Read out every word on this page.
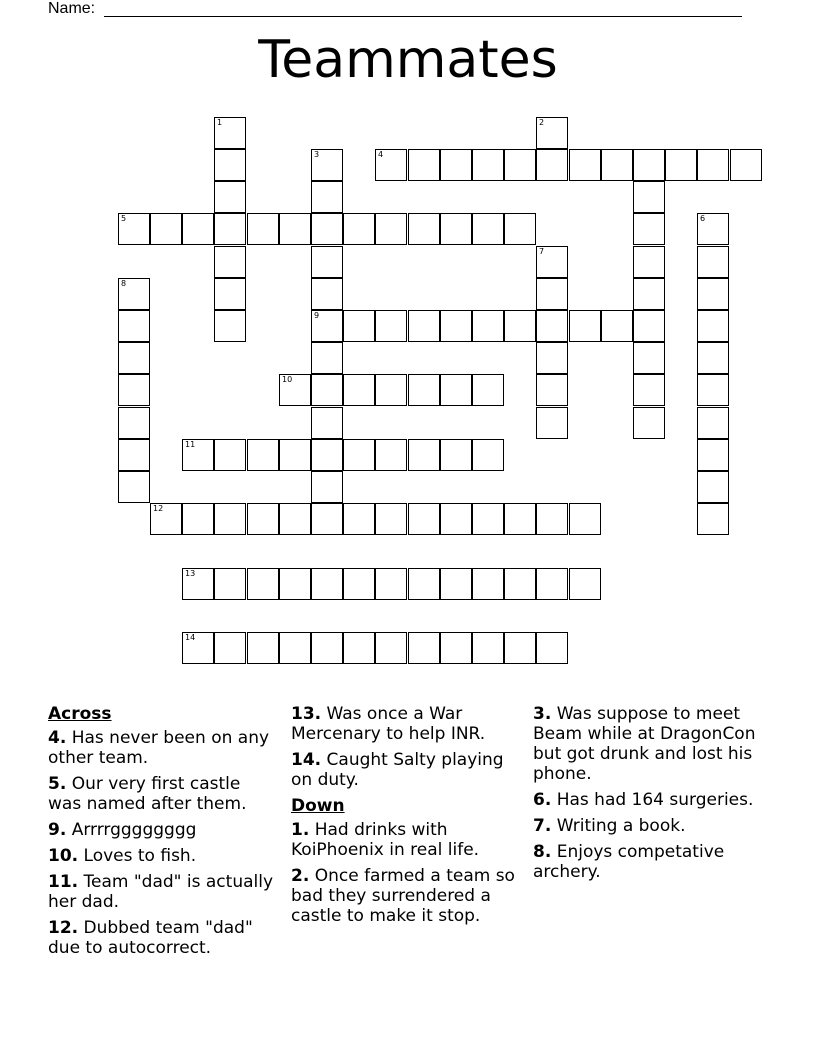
Name:
Teammates
1	2
3	4
5	6
7
8
9
10
11
12
13
14
Across
4. Has never been on any other team.
5. Our very first castle was named after them.
9. Arrrrgggggggg
10. Loves to fish.
11. Team "dad" is actually her dad.
12. Dubbed team "dad" due to autocorrect.
13. Was once a War Mercenary to help INR.
14. Caught Salty playing on duty.
Down
1. Had drinks with KoiPhoenix in real life.
2. Once farmed a team so bad they surrendered a castle to make it stop.
3. Was suppose to meet Beam while at DragonCon but got drunk and lost his phone.
6. Has had 164 surgeries.
7. Writing a book.
8. Enjoys competative archery.
